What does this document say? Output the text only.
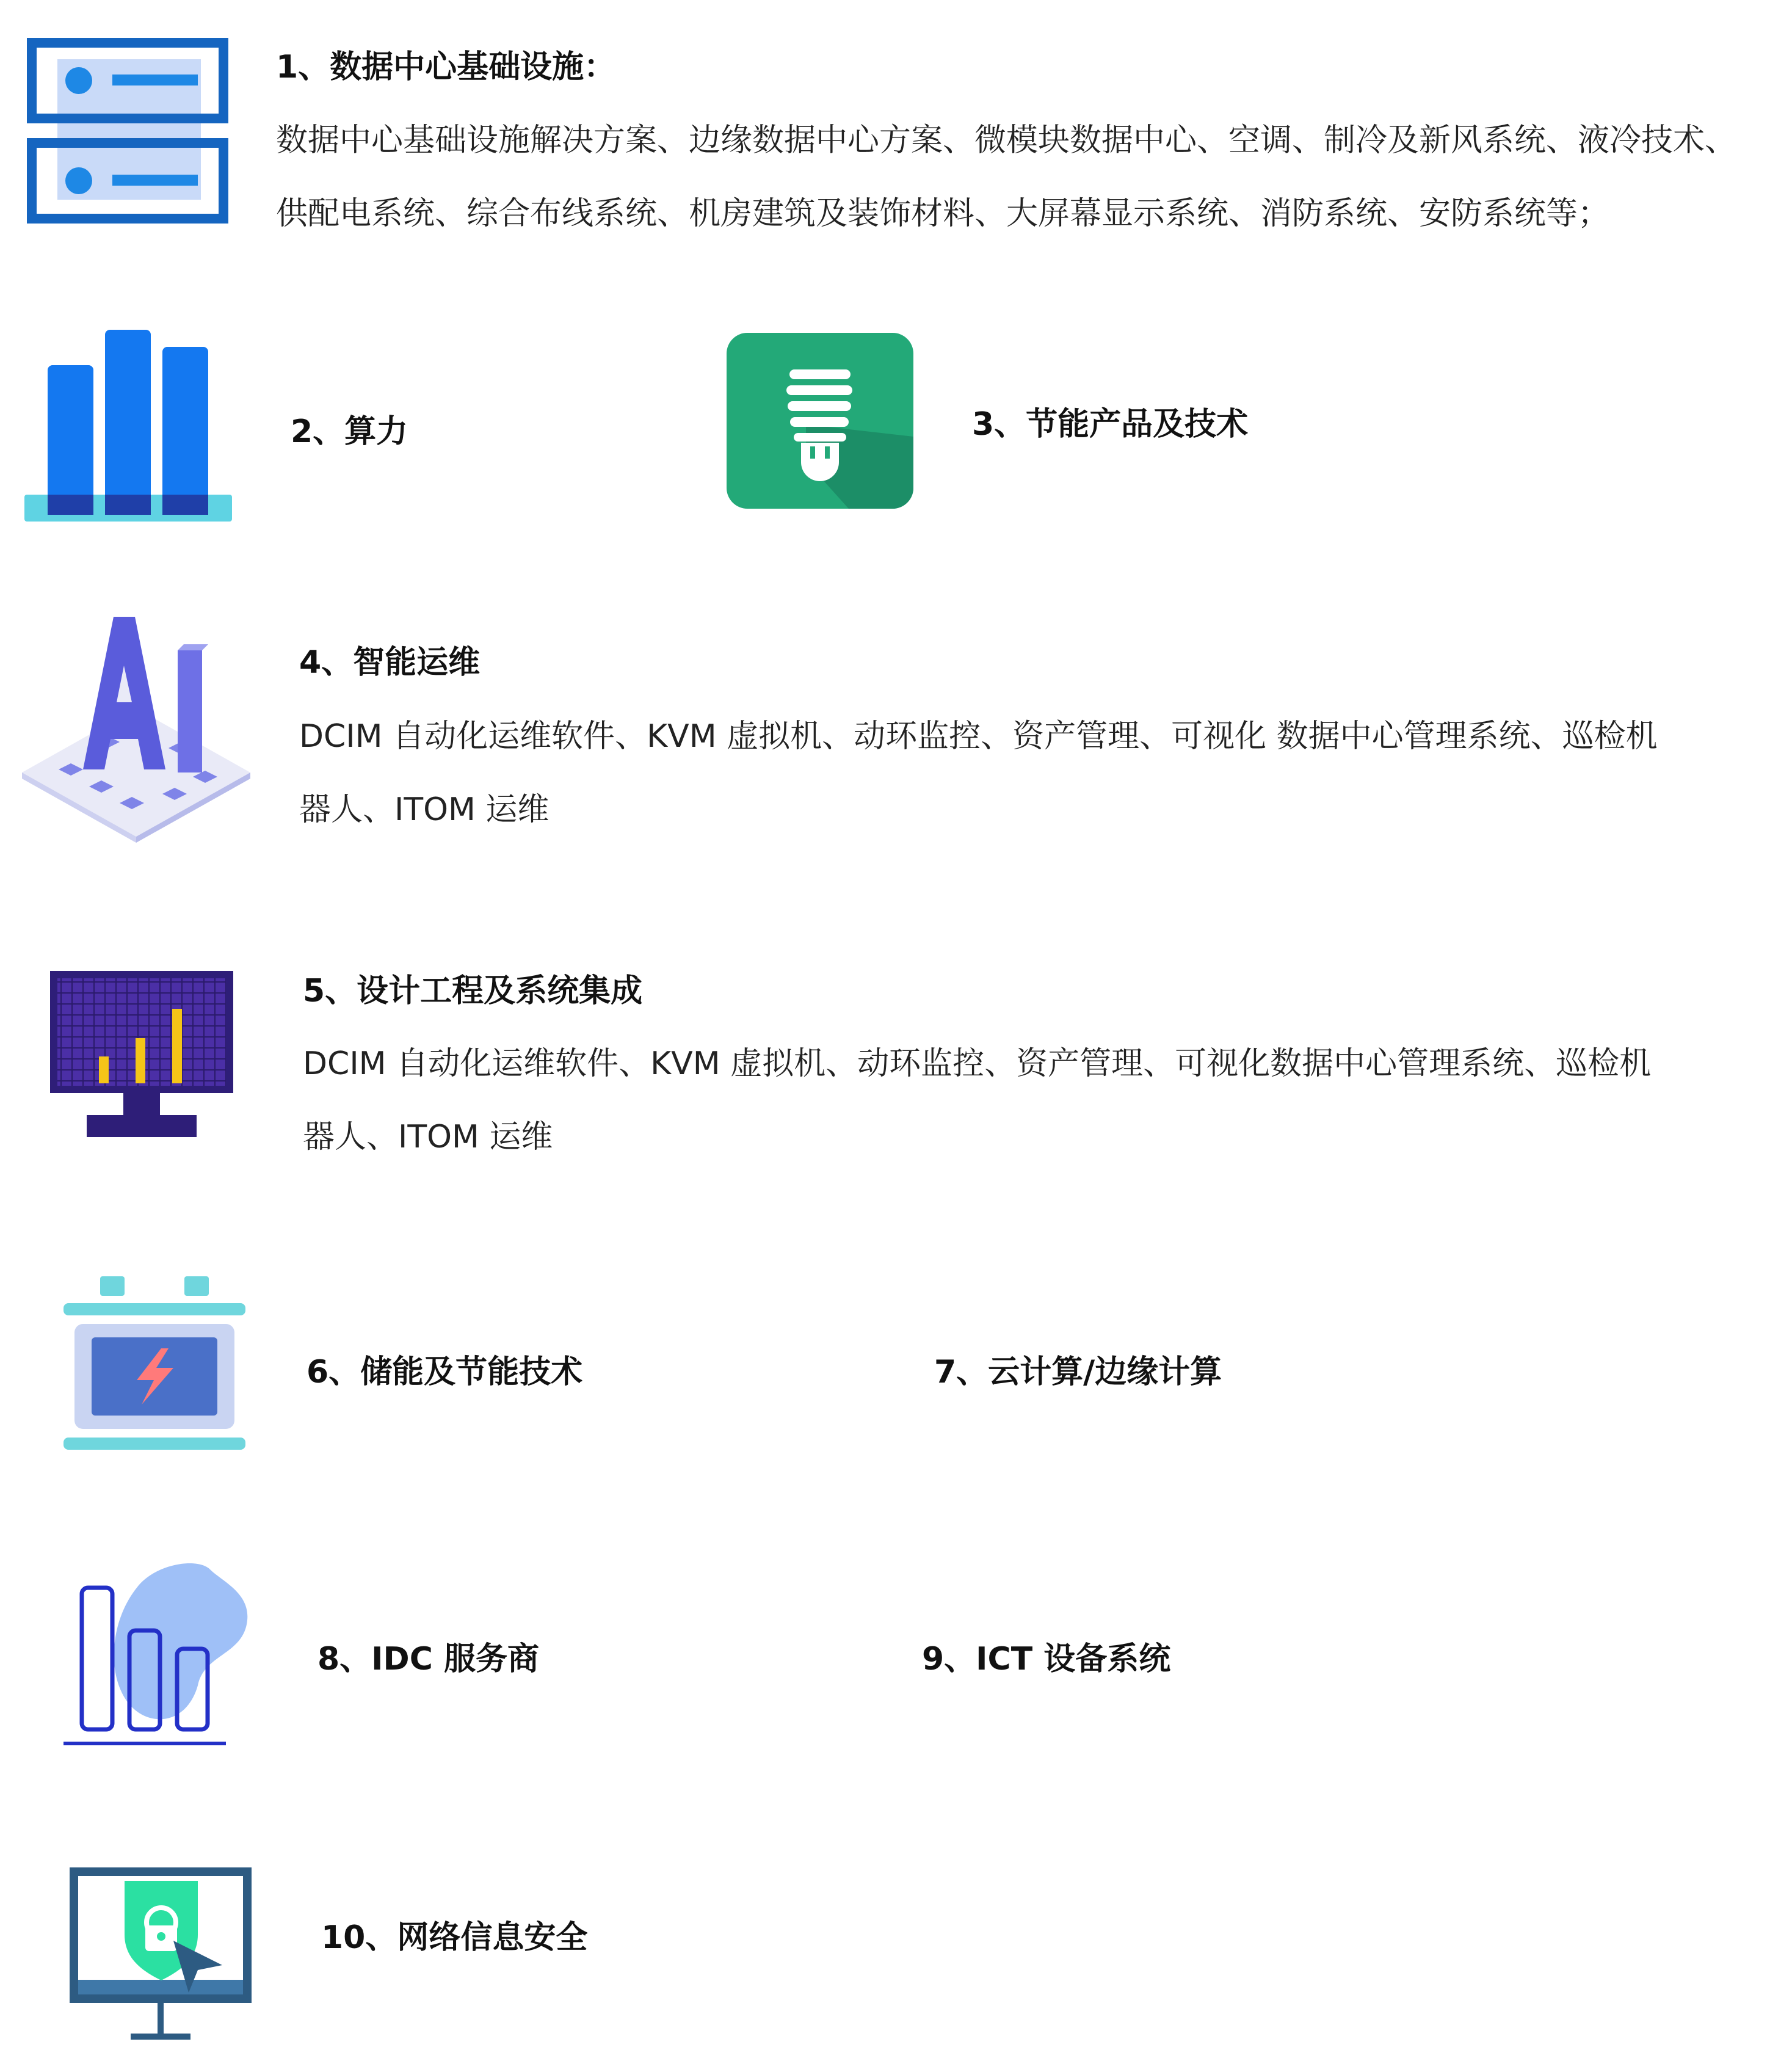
1、数据中心基础设施：
数据中心基础设施解决方案、边缘数据中心方案、微模块数据中心、空调、制冷及新风系统、液冷技术、
供配电系统、综合布线系统、机房建筑及装饰材料、大屏幕显示系统、消防系统、安防系统等；
2、算力	3、节能产品及技术
4、智能运维
DCIM 自动化运维软件、KVM 虚拟机、动环监控、资产管理、可视化 数据中心管理系统、巡检机
器人、ITOM 运维
5、设计工程及系统集成
DCIM 自动化运维软件、KVM 虚拟机、动环监控、资产管理、可视化数据中心管理系统、巡检机
器人、ITOM 运维
6、储能及节能技术	7、云计算/边缘计算
8、IDC 服务商	9、ICT 设备系统
10、网络信息安全
